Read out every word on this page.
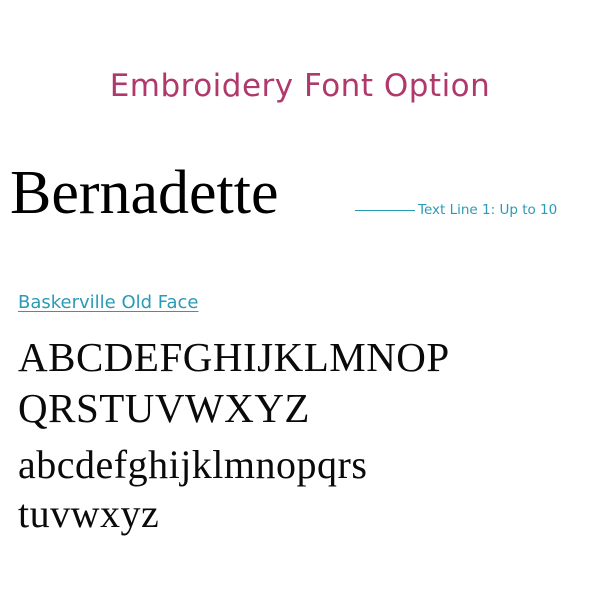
Embroidery Font Option
Bernadette	Text Line 1: Up to 10
Baskerville Old Face
ABCDEFGHIJKLMNOP
QRSTUVWXYZ
abcdefghijklmnopqrs
tuvwxyz
